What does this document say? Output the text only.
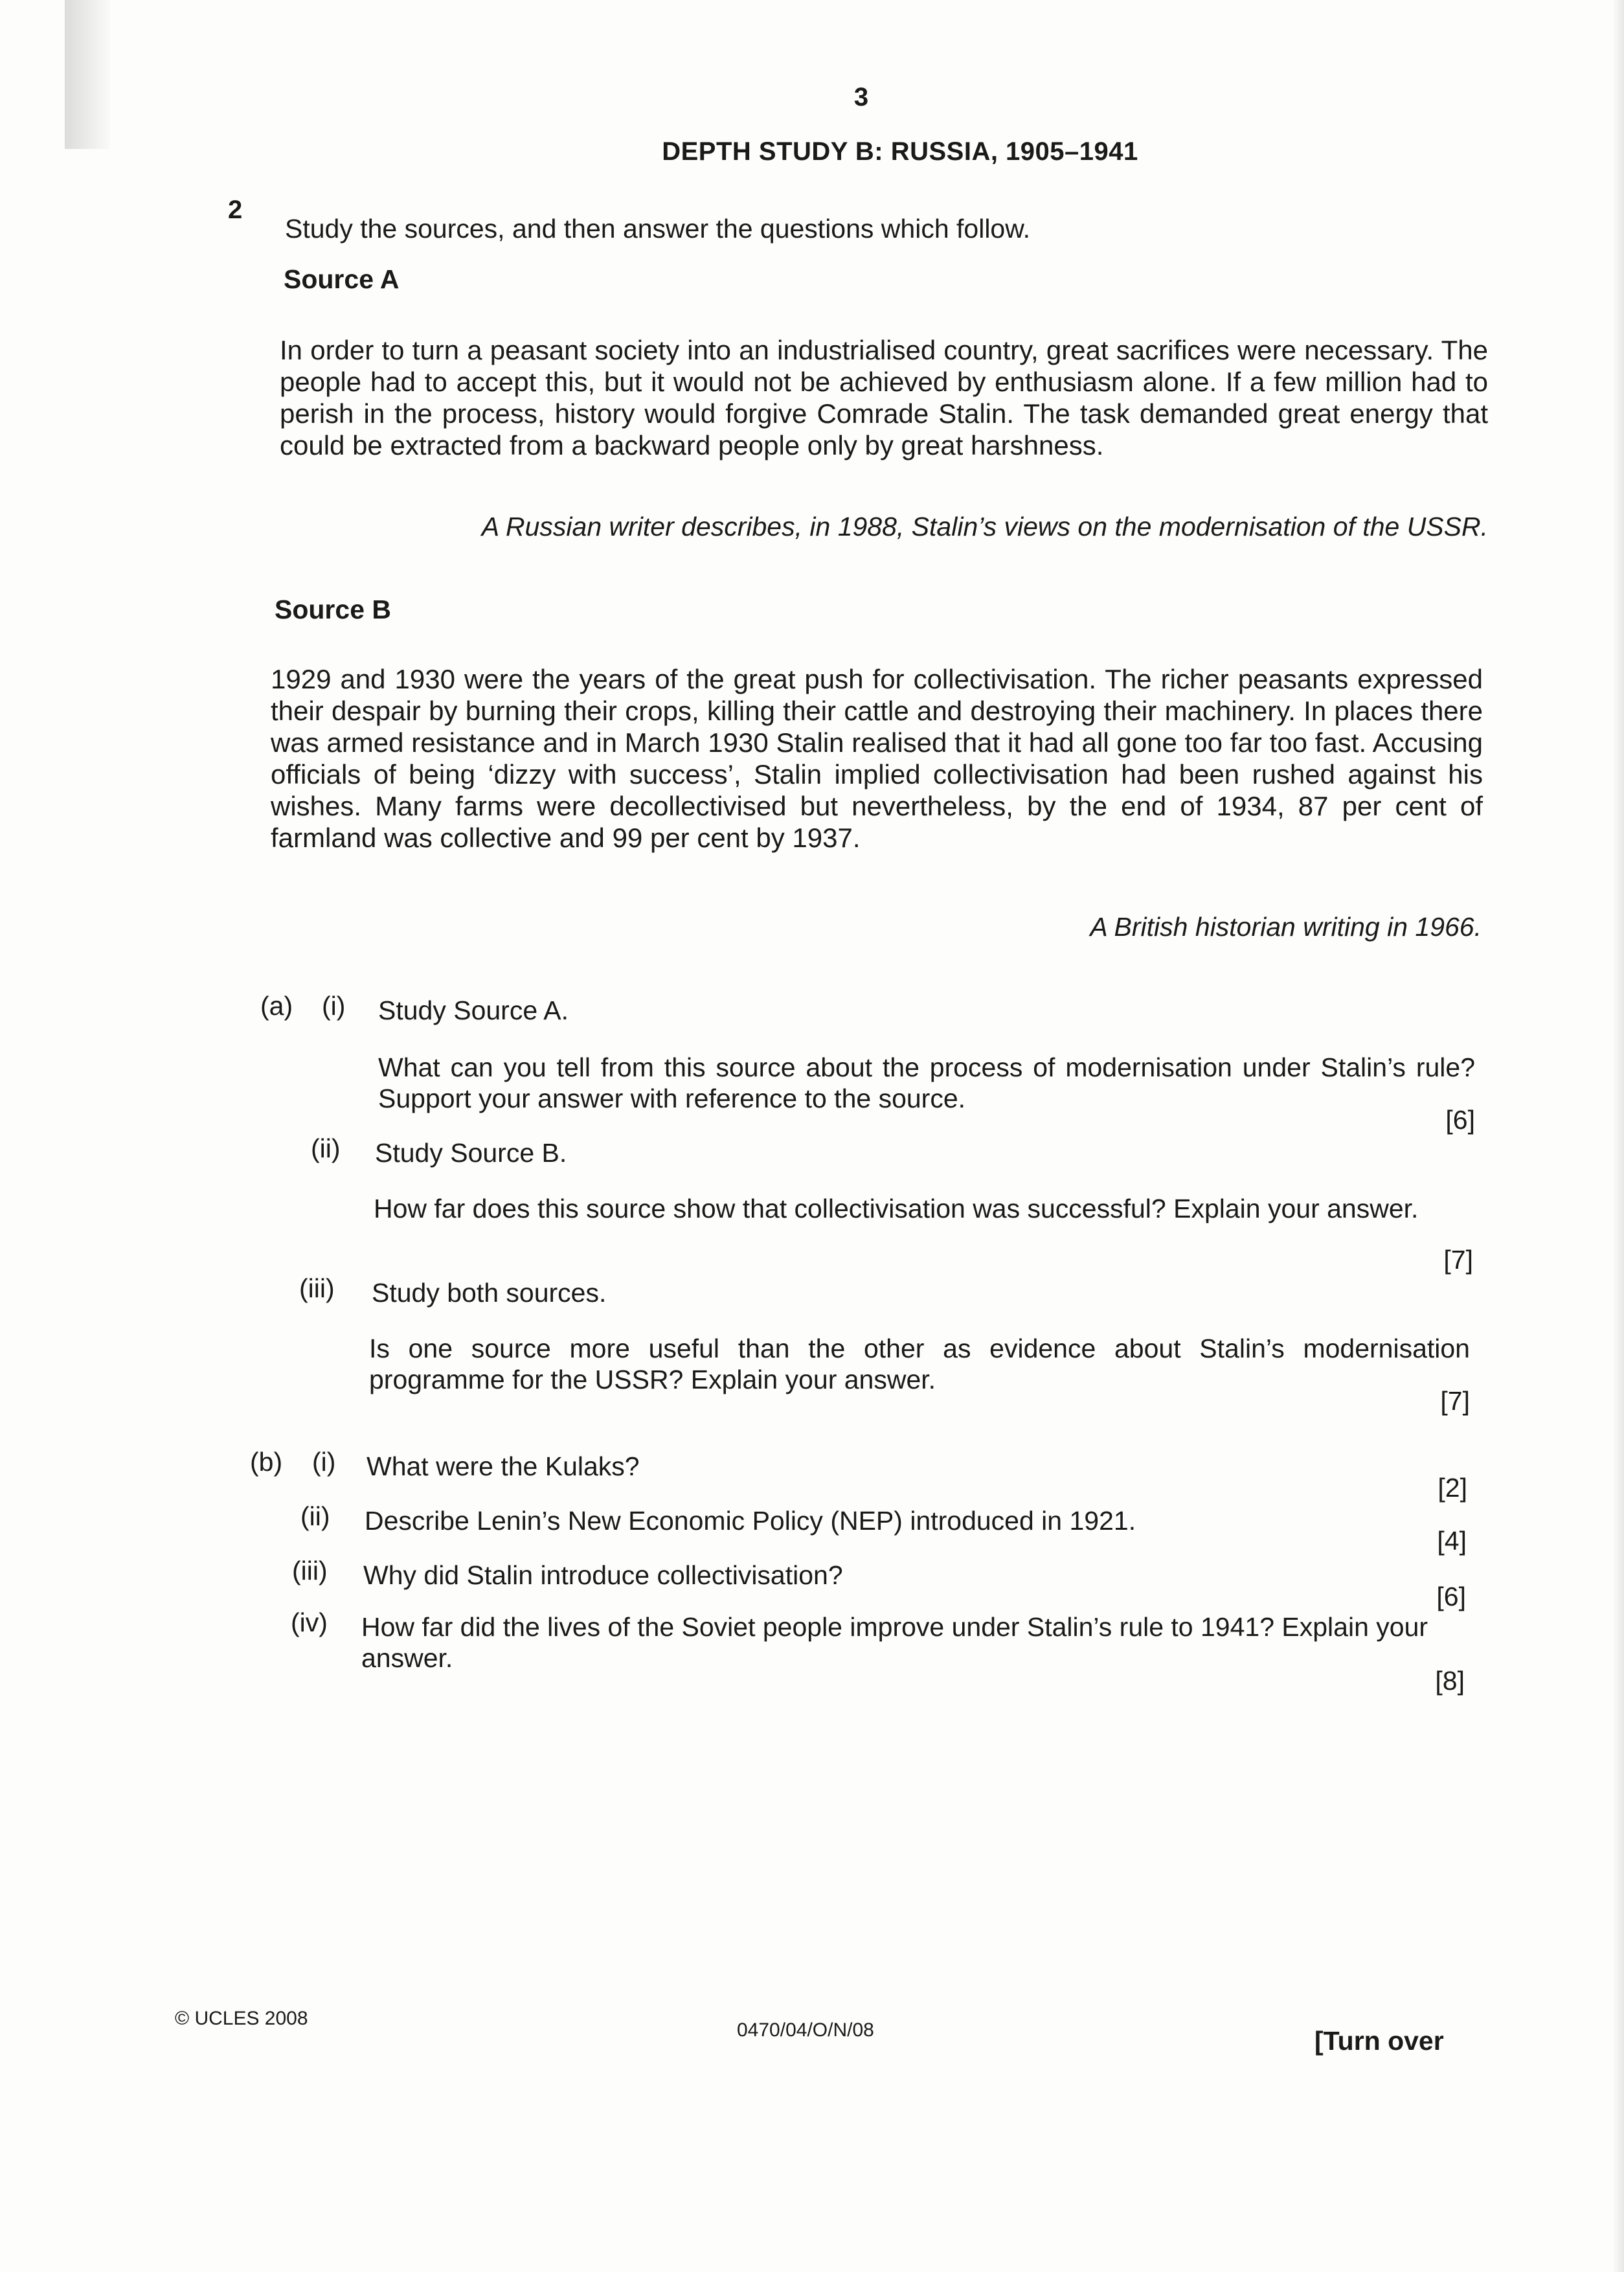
3
DEPTH STUDY B: RUSSIA, 1905–1941
2
Study the sources, and then answer the questions which follow.
Source A

In order to turn a peasant society into an industrialised country, great sacrifices were necessary. The people had to accept this, but it would not be achieved by enthusiasm alone. If a few million had to perish in the process, history would forgive Comrade Stalin. The task demanded great energy that could be extracted from a backward people only by great harshness.

A Russian writer describes, in 1988, Stalin’s views on the modernisation of the USSR.
Source B

1929 and 1930 were the years of the great push for collectivisation. The richer peasants expressed their despair by burning their crops, killing their cattle and destroying their machinery. In places there was armed resistance and in March 1930 Stalin realised that it had all gone too far too fast. Accusing officials of being ‘dizzy with success’, Stalin implied collectivisation had been rushed against his wishes. Many farms were decollectivised but nevertheless, by the end of 1934, 87 per cent of farmland was collective and 99 per cent by 1937.

A British historian writing in 1966.
(a) (i) Study Source A.
What can you tell from this source about the process of modernisation under Stalin’s rule? Support your answer with reference to the source.
[6]
(ii) Study Source B.
How far does this source show that collectivisation was successful? Explain your answer.
[7]
(iii) Study both sources.
Is one source more useful than the other as evidence about Stalin’s modernisation programme for the USSR? Explain your answer.
[7]
(b) (i) What were the Kulaks?
[2]
(ii) Describe Lenin’s New Economic Policy (NEP) introduced in 1921.
[4]
(iii) Why did Stalin introduce collectivisation?
[6]
(iv) How far did the lives of the Soviet people improve under Stalin’s rule to 1941? Explain your answer.
[8]
© UCLES 2008
0470/04/O/N/08	[Turn over
